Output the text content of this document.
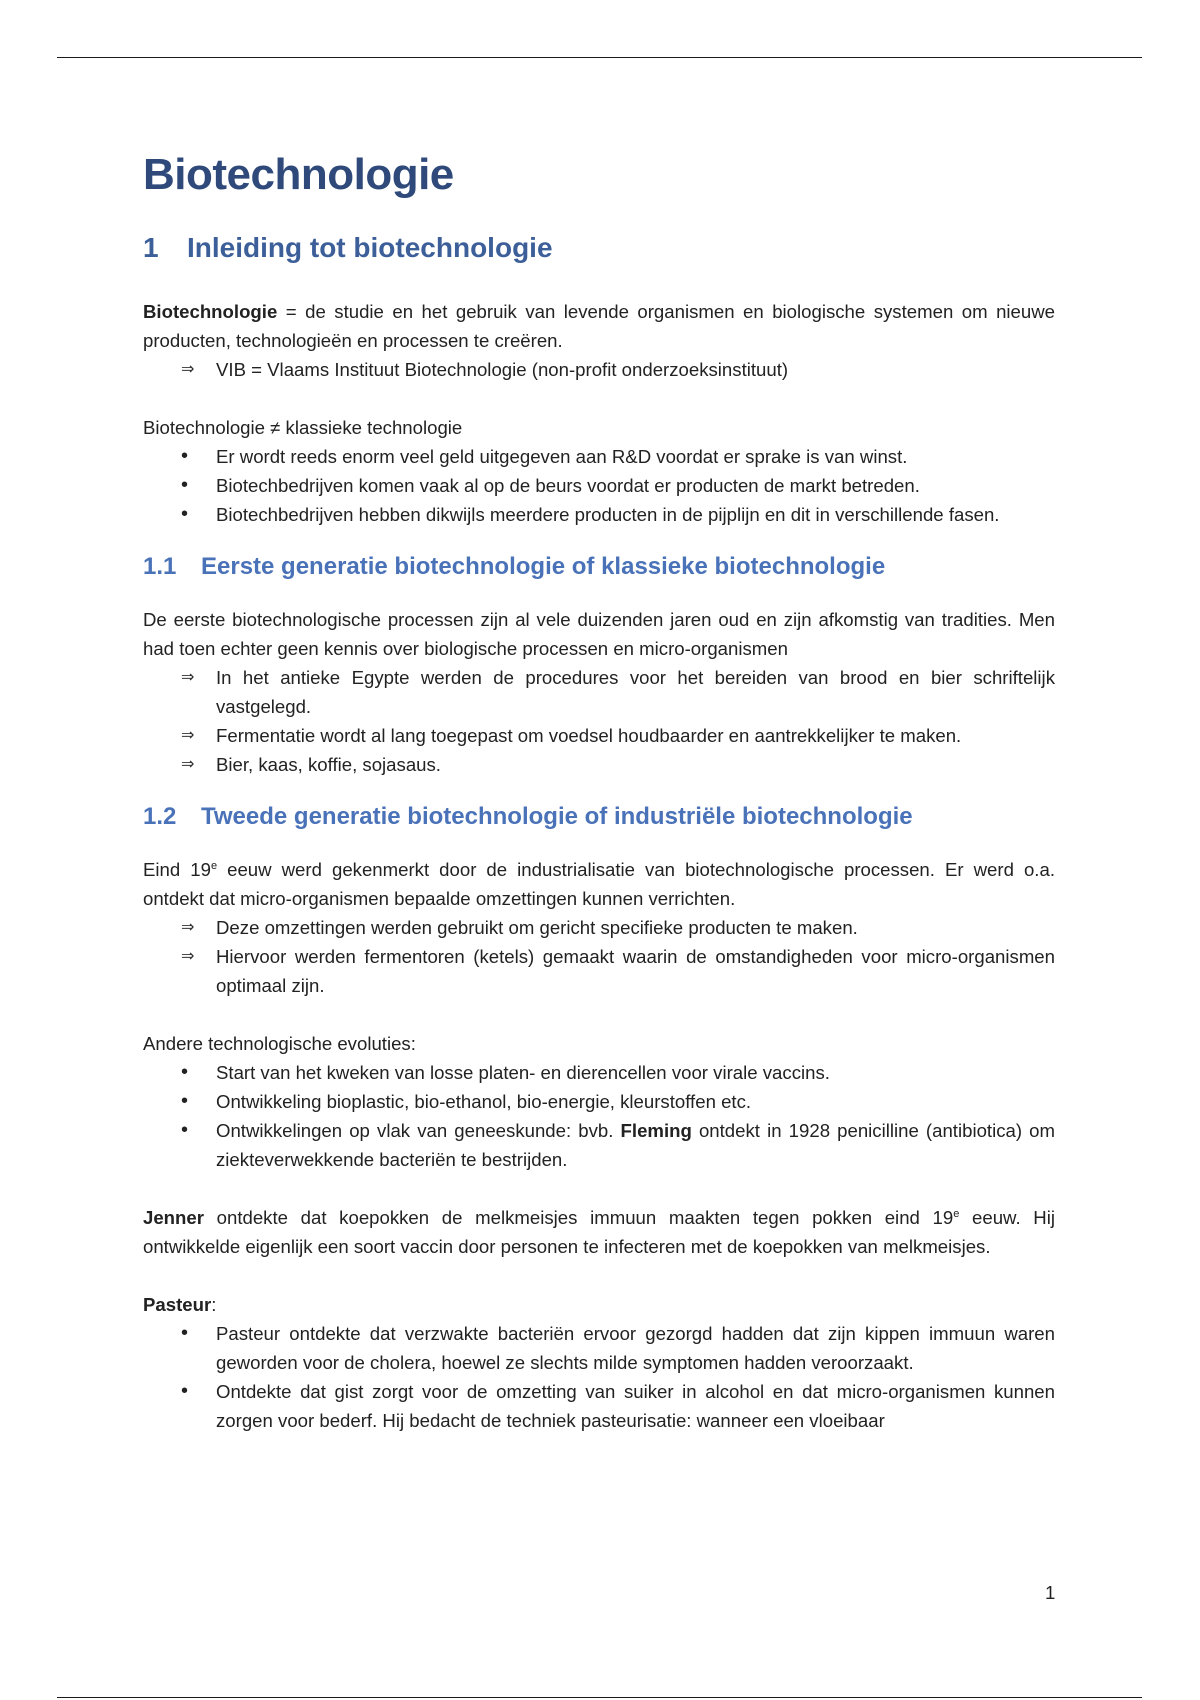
Biotechnologie
1 Inleiding tot biotechnologie

Biotechnologie = de studie en het gebruik van levende organismen en biologische systemen om nieuwe producten, technologieën en processen te creëren.

⇒	VIB = Vlaams Instituut Biotechnologie (non-profit onderzoeksinstituut)

Biotechnologie ≠ klassieke technologie

•	Er wordt reeds enorm veel geld uitgegeven aan R&D voordat er sprake is van winst.
•	Biotechbedrijven komen vaak al op de beurs voordat er producten de markt betreden.
•	Biotechbedrijven hebben dikwijls meerdere producten in de pijplijn en dit in verschillende fasen.
1.1 Eerste generatie biotechnologie of klassieke biotechnologie

De eerste biotechnologische processen zijn al vele duizenden jaren oud en zijn afkomstig van tradities. Men had toen echter geen kennis over biologische processen en micro-organismen

⇒	In het antieke Egypte werden de procedures voor het bereiden van brood en bier schriftelijk vastgelegd.
⇒	Fermentatie wordt al lang toegepast om voedsel houdbaarder en aantrekkelijker te maken.
⇒	Bier, kaas, koffie, sojasaus.
1.2 Tweede generatie biotechnologie of industriële biotechnologie

Eind 19e eeuw werd gekenmerkt door de industrialisatie van biotechnologische processen. Er werd o.a. ontdekt dat micro-organismen bepaalde omzettingen kunnen verrichten.

⇒	Deze omzettingen werden gebruikt om gericht specifieke producten te maken.
⇒	Hiervoor werden fermentoren (ketels) gemaakt waarin de omstandigheden voor micro-organismen optimaal zijn.

Andere technologische evoluties:

•	Start van het kweken van losse platen- en dierencellen voor virale vaccins.
•	Ontwikkeling bioplastic, bio-ethanol, bio-energie, kleurstoffen etc.
•	Ontwikkelingen op vlak van geneeskunde: bvb. Fleming ontdekt in 1928 penicilline (antibiotica) om ziekteverwekkende bacteriën te bestrijden.

Jenner ontdekte dat koepokken de melkmeisjes immuun maakten tegen pokken eind 19e eeuw. Hij ontwikkelde eigenlijk een soort vaccin door personen te infecteren met de koepokken van melkmeisjes.

Pasteur:

•	Pasteur ontdekte dat verzwakte bacteriën ervoor gezorgd hadden dat zijn kippen immuun waren geworden voor de cholera, hoewel ze slechts milde symptomen hadden veroorzaakt.
•	Ontdekte dat gist zorgt voor de omzetting van suiker in alcohol en dat micro-organismen kunnen zorgen voor bederf. Hij bedacht de techniek pasteurisatie: wanneer een vloeibaar
1
